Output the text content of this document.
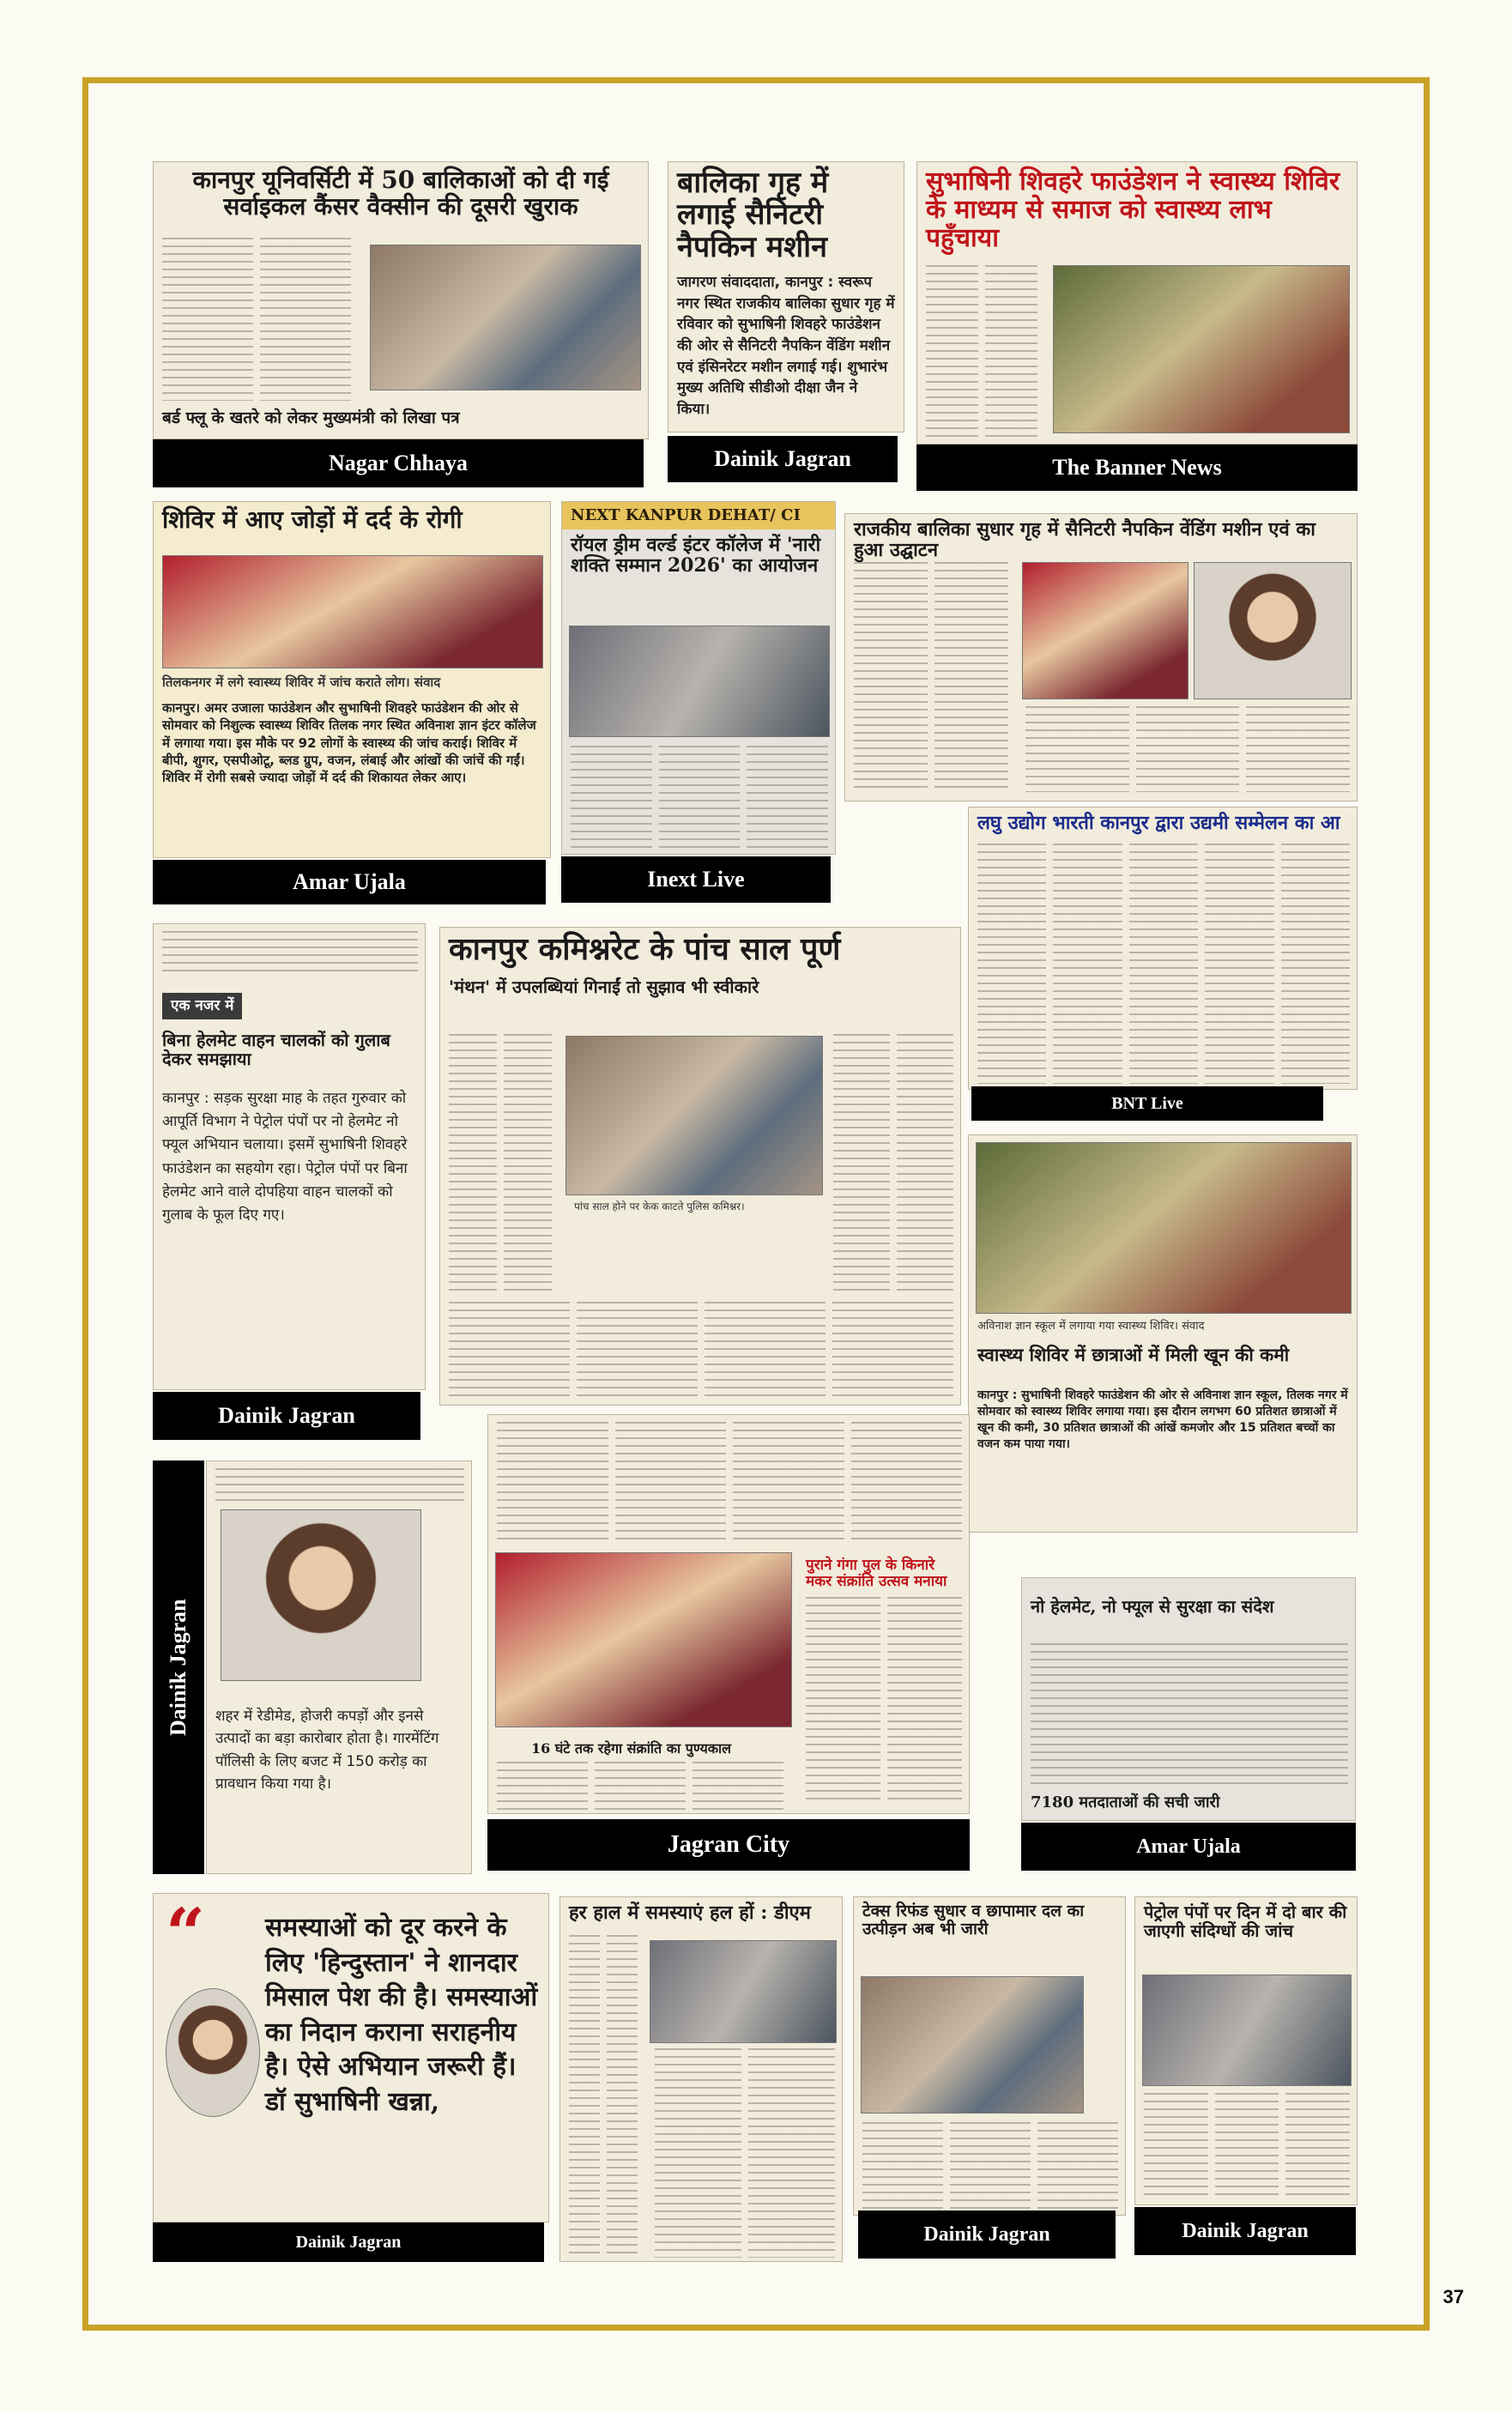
कानपुर यूनिवर्सिटी में 50 बालिकाओं को दी गई सर्वाइकल कैंसर वैक्सीन की दूसरी खुराक

बर्ड फ्लू के खतरे को लेकर मुख्यमंत्री को लिखा पत्र

Nagar Chhaya

बालिका गृह में लगाई सैनिटरी नैपकिन मशीन

जागरण संवाददाता, कानपुर : स्वरूप नगर स्थित राजकीय बालिका सुधार गृह में रविवार को सुभाषिनी शिवहरे फाउंडेशन की ओर से सैनिटरी नैपकिन वेंडिंग मशीन एवं इंसिनरेटर मशीन लगाई गई। शुभारंभ मुख्य अतिथि सीडीओ दीक्षा जैन ने किया।

Dainik Jagran

सुभाषिनी शिवहरे फाउंडेशन ने स्वास्थ्य शिविर के माध्यम से समाज को स्वास्थ्य लाभ पहुँचाया

The Banner News

शिविर में आए जोड़ों में दर्द के रोगी

तिलकनगर में लगे स्वास्थ्य शिविर में जांच कराते लोग। संवाद

कानपुर। अमर उजाला फाउंडेशन और सुभाषिनी शिवहरे फाउंडेशन की ओर से सोमवार को निशुल्क स्वास्थ्य शिविर तिलक नगर स्थित अविनाश ज्ञान इंटर कॉलेज में लगाया गया। इस मौके पर 92 लोगों के स्वास्थ्य की जांच कराई। शिविर में बीपी, शुगर, एसपीओटू, ब्लड ग्रुप, वजन, लंबाई और आंखों की जांचें की गईं। शिविर में रोगी सबसे ज्यादा जोड़ों में दर्द की शिकायत लेकर आए।

Amar Ujala

NEXT KANPUR DEHAT/ CI

रॉयल ड्रीम वर्ल्ड इंटर कॉलेज में 'नारी शक्ति सम्मान 2026' का आयोजन

Inext Live

राजकीय बालिका सुधार गृह में सैनिटरी नैपकिन वेंडिंग मशीन एवं का हुआ उद्घाटन

लघु उद्योग भारती कानपुर द्वारा उद्यमी सम्मेलन का आ

BNT Live

एक नजर में

बिना हेलमेट वाहन चालकों को गुलाब देकर समझाया

कानपुर : सड़क सुरक्षा माह के तहत गुरुवार को आपूर्ति विभाग ने पेट्रोल पंपों पर नो हेलमेट नो फ्यूल अभियान चलाया। इसमें सुभाषिनी शिवहरे फाउंडेशन का सहयोग रहा। पेट्रोल पंपों पर बिना हेलमेट आने वाले दोपहिया वाहन चालकों को गुलाब के फूल दिए गए।

Dainik Jagran

कानपुर कमिश्नरेट के पांच साल पूर्ण

'मंथन' में उपलब्धियां गिनाईं तो सुझाव भी स्वीकारे

पांच साल होने पर केक काटते पुलिस कमिश्नर।

अविनाश ज्ञान स्कूल में लगाया गया स्वास्थ्य शिविर। संवाद

स्वास्थ्य शिविर में छात्राओं में मिली खून की कमी

कानपुर : सुभाषिनी शिवहरे फाउंडेशन की ओर से अविनाश ज्ञान स्कूल, तिलक नगर में सोमवार को स्वास्थ्य शिविर लगाया गया। इस दौरान लगभग 60 प्रतिशत छात्राओं में खून की कमी, 30 प्रतिशत छात्राओं की आंखें कमजोर और 15 प्रतिशत बच्चों का वजन कम पाया गया।

Dainik Jagran	शहर में रेडीमेड, होजरी कपड़ों और इनसे उत्पादों का बड़ा कारोबार होता है। गारमेंटिंग पॉलिसी के लिए बजट में 150 करोड़ का प्रावधान किया गया है।

पुराने गंगा पुल के किनारे मकर संक्रांति उत्सव मनाया

16 घंटे तक रहेगा संक्रांति का पुण्यकाल

Jagran City

नो हेलमेट, नो फ्यूल से सुरक्षा का संदेश

7180 मतदाताओं की सची जारी

Amar Ujala
“	समस्याओं को दूर करने के लिए 'हिन्दुस्तान' ने शानदार मिसाल पेश की है। समस्याओं का निदान कराना सराहनीय है। ऐसे अभियान जरूरी हैं। डॉ सुभाषिनी खन्ना,

Dainik Jagran

हर हाल में समस्याएं हल हों : डीएम	टेक्स रिफंड सुधार व छापामार दल का उत्पीड़न अब भी जारी

Dainik Jagran

पेट्रोल पंपों पर दिन में दो बार की जाएगी संदिग्धों की जांच

Dainik Jagran
37
